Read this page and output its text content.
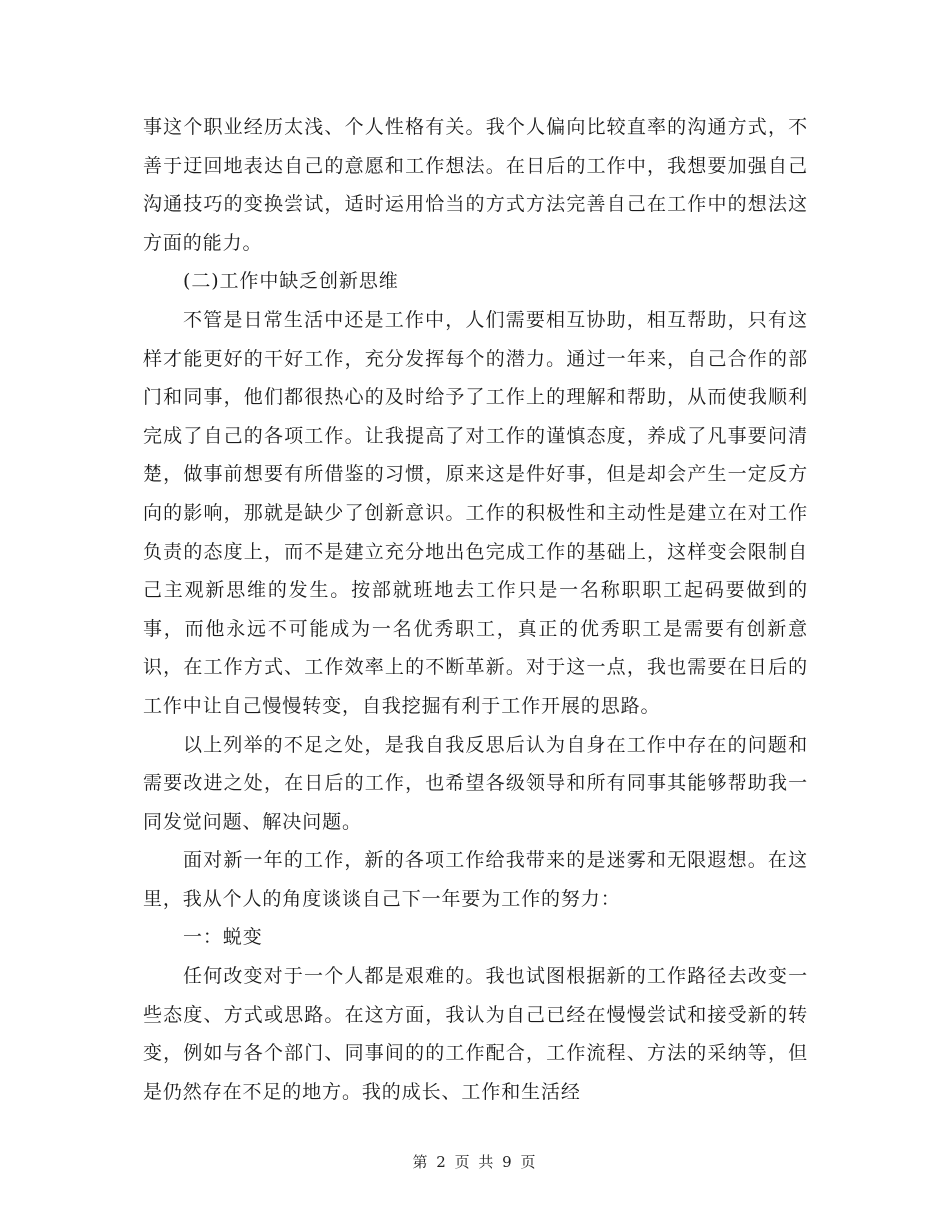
事这个职业经历太浅、个人性格有关。我个人偏向比较直率的沟通方式，不善于迂回地表达自己的意愿和工作想法。在日后的工作中，我想要加强自己沟通技巧的变换尝试，适时运用恰当的方式方法完善自己在工作中的想法这方面的能力。

(二)工作中缺乏创新思维

不管是日常生活中还是工作中，人们需要相互协助，相互帮助，只有这样才能更好的干好工作，充分发挥每个的潜力。通过一年来，自己合作的部门和同事，他们都很热心的及时给予了工作上的理解和帮助，从而使我顺利完成了自己的各项工作。让我提高了对工作的谨慎态度，养成了凡事要问清楚，做事前想要有所借鉴的习惯，原来这是件好事，但是却会产生一定反方向的影响，那就是缺少了创新意识。工作的积极性和主动性是建立在对工作负责的态度上，而不是建立充分地出色完成工作的基础上，这样变会限制自己主观新思维的发生。按部就班地去工作只是一名称职职工起码要做到的事，而他永远不可能成为一名优秀职工，真正的优秀职工是需要有创新意识，在工作方式、工作效率上的不断革新。对于这一点，我也需要在日后的工作中让自己慢慢转变，自我挖掘有利于工作开展的思路。

以上列举的不足之处，是我自我反思后认为自身在工作中存在的问题和需要改进之处，在日后的工作，也希望各级领导和所有同事其能够帮助我一同发觉问题、解决问题。

面对新一年的工作，新的各项工作给我带来的是迷雾和无限遐想。在这里，我从个人的角度谈谈自己下一年要为工作的努力：

一：蜕变

任何改变对于一个人都是艰难的。我也试图根据新的工作路径去改变一些态度、方式或思路。在这方面，我认为自己已经在慢慢尝试和接受新的转变，例如与各个部门、同事间的的工作配合，工作流程、方法的采纳等，但是仍然存在不足的地方。我的成长、工作和生活经

第 2 页 共 9 页
